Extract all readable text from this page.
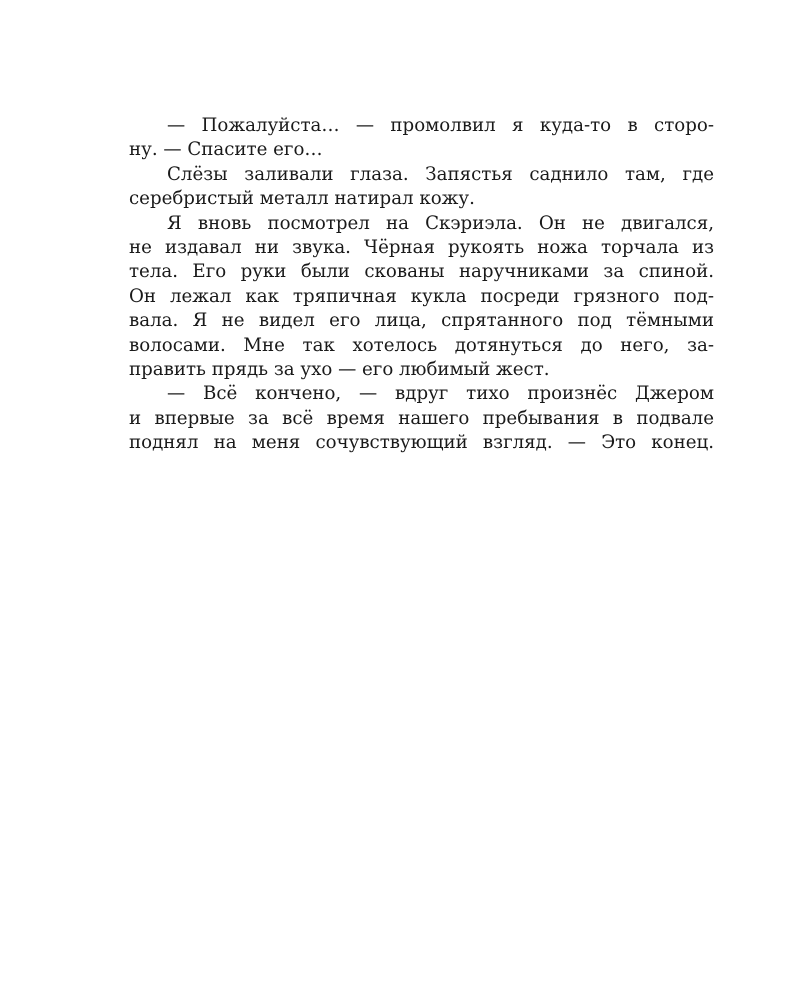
— Пожалуйста… — промолвил я куда-то в сторо-
ну. — Спасите его…
Слёзы заливали глаза. Запястья саднило там, где
серебристый металл натирал кожу.
Я вновь посмотрел на Скэриэла. Он не двигался,
не издавал ни звука. Чёрная рукоять ножа торчала из
тела. Его руки были скованы наручниками за спиной.
Он лежал как тряпичная кукла посреди грязного под-
вала. Я не видел его лица, спрятанного под тёмными
волосами. Мне так хотелось дотянуться до него, за-
править прядь за ухо — его любимый жест.
— Всё кончено, — вдруг тихо произнёс Джером
и впервые за всё время нашего пребывания в подвале
поднял на меня сочувствующий взгляд. — Это конец.
